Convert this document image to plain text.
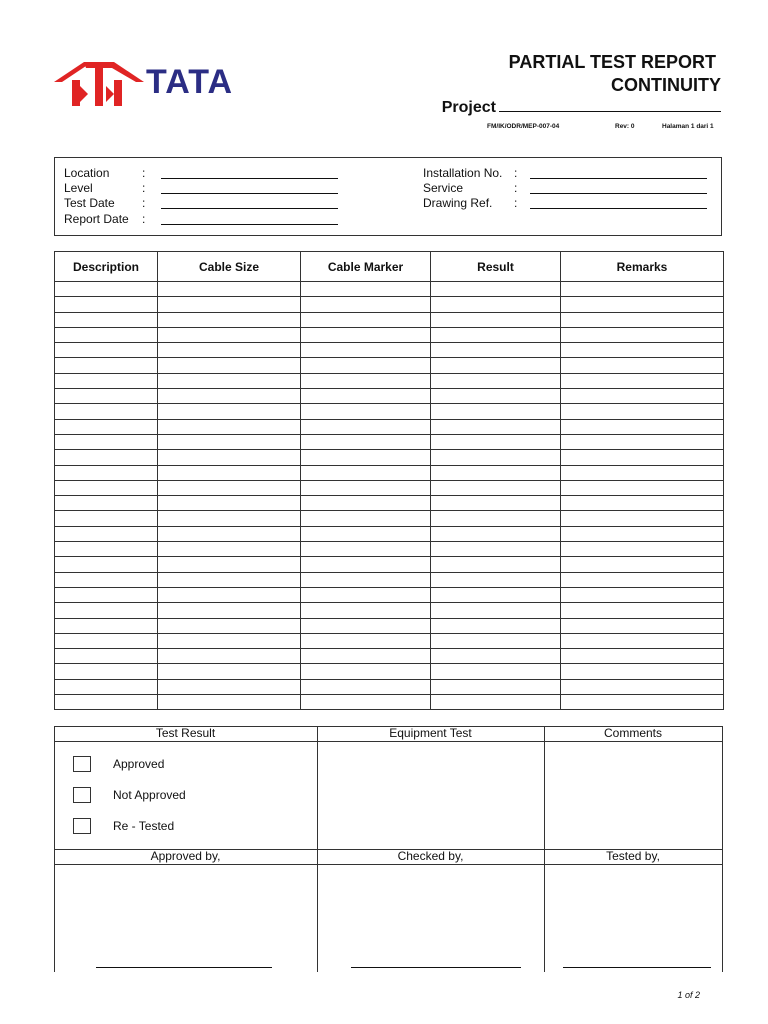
TATA
PARTIAL TEST REPORT
CONTINUITY
Project
FM/IK/ODR/MEP-007-04	Rev: 0	Halaman 1 dari 1
Location	:
Level	:
Test Date :
Report Date :
Installation No. :
Service	:
Drawing Ref. :
Description	Cable Size	Cable Marker	Result	Remarks

Test Result	Equipment Test	Comments
Approved
Not Approved
Re - Tested
Approved by,	Checked by,	Tested by,
1 of 2
